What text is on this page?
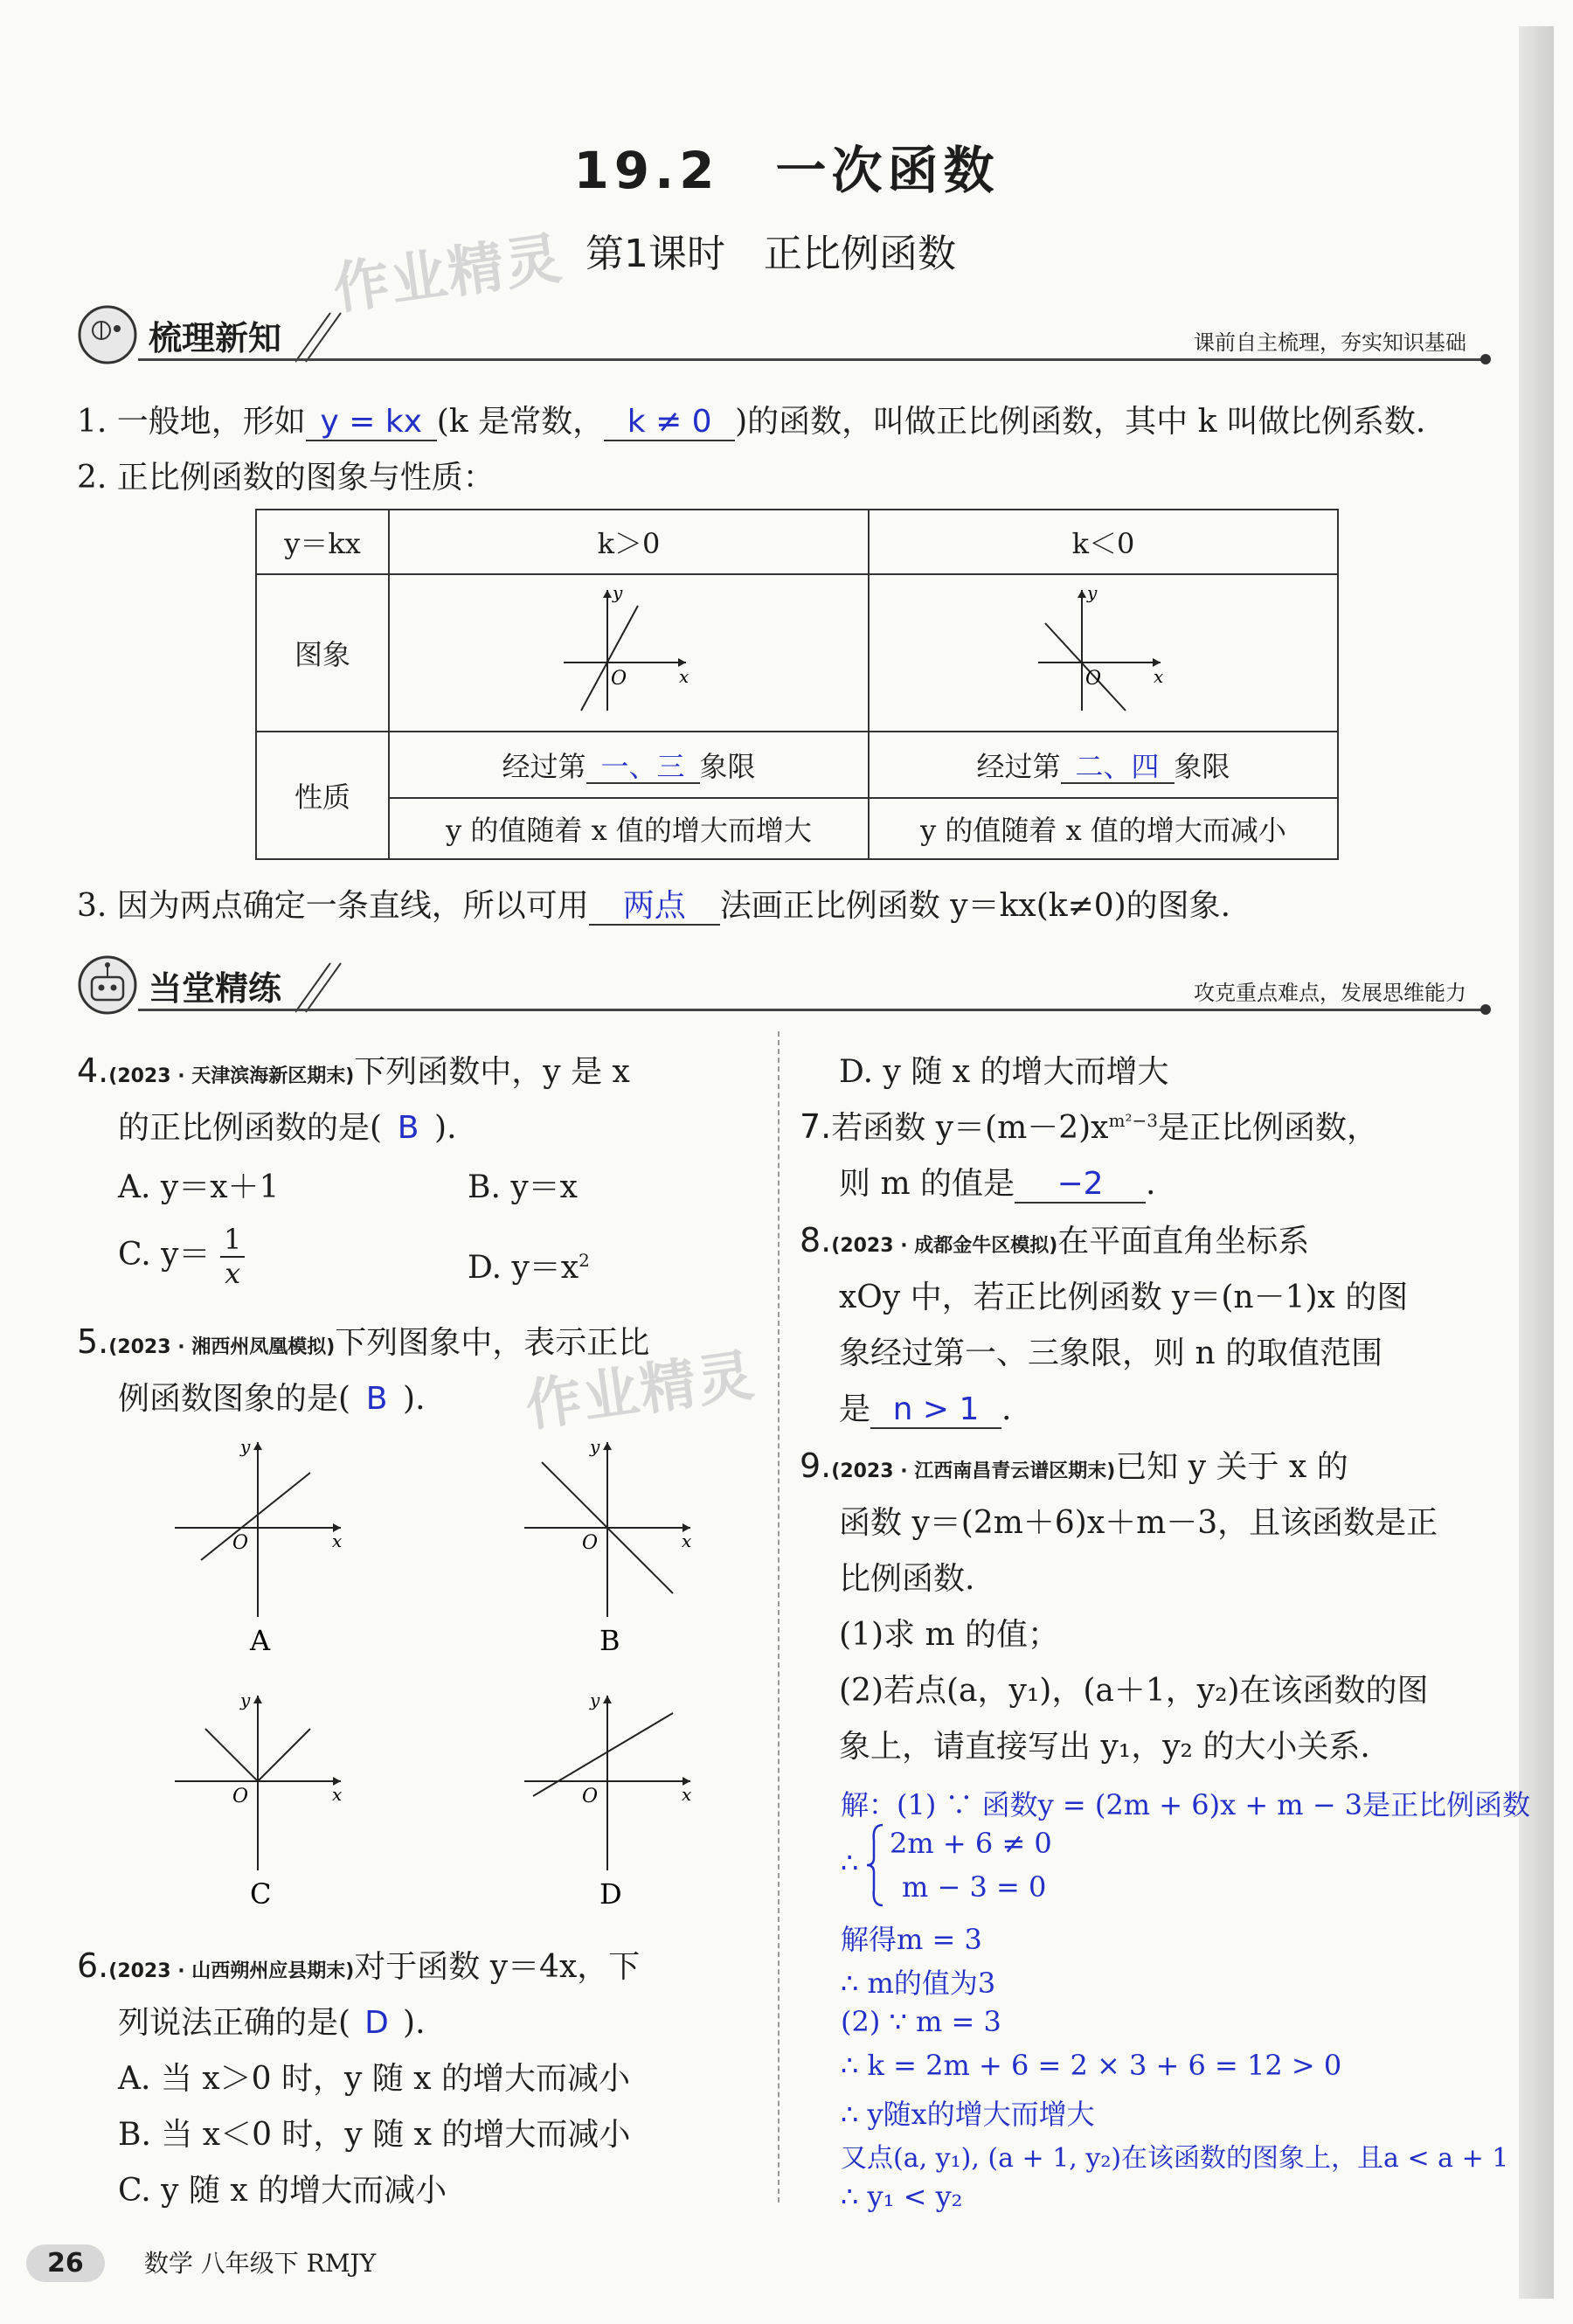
19.2　一次函数
作业精灵 第1课时　正比例函数
梳理新知	课前自主梳理，夯实知识基础
1. 一般地，形如 y = kx (k 是常数， k ≠ 0 )的函数，叫做正比例函数，其中 k 叫做比例系数.
2. 正比例函数的图象与性质：
y＝kx	k＞0	k＜0
图象	y
x
O	y
x
O

性质	经过第 一、三 象限	经过第 二、四 象限
	y 的值随着 x 值的增大而增大	y 的值随着 x 值的增大而减小
3. 因为两点确定一条直线，所以可用 两点 法画正比例函数 y＝kx(k≠0)的图象.
当堂精练	攻克重点难点，发展思维能力
4.(2023 · 天津滨海新区期末)下列函数中，y 是 x
的正比例函数的是( B ).
A. y＝x＋1	B. y＝x
C. $y= \frac{1}{x}$	D. $y=x^2$
5.(2023 · 湘西州凤凰模拟)下列图象中，表示正比
作业精灵
例函数图象的是( B ).
y
x
O
A
y
x
O
B
y
x
O
C
y
x
O
D
6.(2023 · 山西朔州应县期末)对于函数 y＝4x，下
列说法正确的是( D ).
A. 当 x＞0 时，y 随 x 的增大而减小
B. 当 x＜0 时，y 随 x 的增大而减小
C. y 随 x 的增大而减小
D. y 随 x 的增大而增大
7.若函数 $y=(m-2)x^{m^2-3}$是正比例函数，
则 m 的值是 −2 .
8.(2023 · 成都金牛区模拟)在平面直角坐标系
xOy 中，若正比例函数 y＝(n－1)x 的图
象经过第一、三象限，则 n 的取值范围
是 n > 1 .
9.(2023 · 江西南昌青云谱区期末)已知 y 关于 x 的
函数 y＝(2m＋6)x＋m－3，且该函数是正
比例函数.
(1)求 m 的值；
(2)若点(a，y₁)，(a＋1，y₂)在该函数的图
象上，请直接写出 y₁，y₂ 的大小关系.
解：(1) ∵ 函数y = (2m + 6)x + m − 3是正比例函数
∴
2m + 6 ≠ 0
m − 3 = 0
解得m = 3
∴ m的值为3
(2) ∵ m = 3
∴ k = 2m + 6 = 2 × 3 + 6 = 12 > 0
∴ y随x的增大而增大
又点(a, y₁), (a + 1, y₂)在该函数的图象上，且a < a + 1
∴ y₁ < y₂
26 数学 八年级下 RMJY
